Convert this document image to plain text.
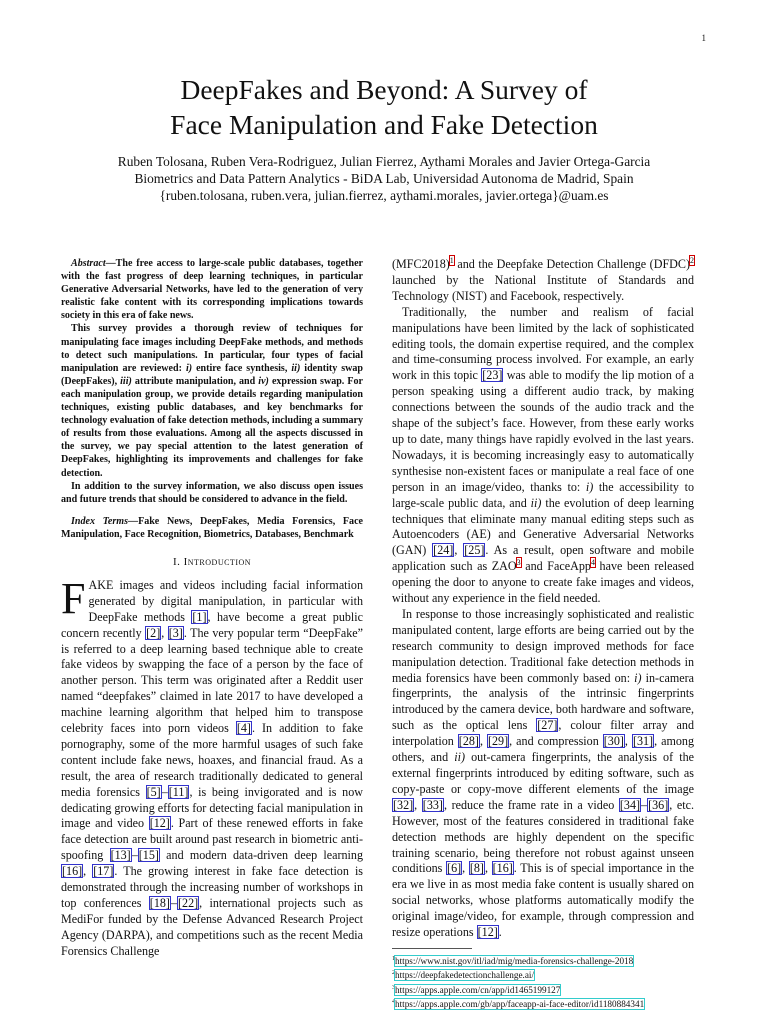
1
DeepFakes and Beyond: A Survey of
Face Manipulation and Fake Detection
Ruben Tolosana, Ruben Vera-Rodriguez, Julian Fierrez, Aythami Morales and Javier Ortega-Garcia
Biometrics and Data Pattern Analytics - BiDA Lab, Universidad Autonoma de Madrid, Spain
{ruben.tolosana, ruben.vera, julian.fierrez, aythami.morales, javier.ortega}@uam.es

Abstract—The free access to large-scale public databases, together with the fast progress of deep learning techniques, in particular Generative Adversarial Networks, have led to the generation of very realistic fake content with its corresponding implications towards society in this era of fake news.

This survey provides a thorough review of techniques for manipulating face images including DeepFake methods, and methods to detect such manipulations. In particular, four types of facial manipulation are reviewed: i) entire face synthesis, ii) identity swap (DeepFakes), iii) attribute manipulation, and iv) expression swap. For each manipulation group, we provide details regarding manipulation techniques, existing public databases, and key benchmarks for technology evaluation of fake detection methods, including a summary of results from those evaluations. Among all the aspects discussed in the survey, we pay special attention to the latest generation of DeepFakes, highlighting its improvements and challenges for fake detection.

In addition to the survey information, we also discuss open issues and future trends that should be considered to advance in the field.

Index Terms—Fake News, DeepFakes, Media Forensics, Face Manipulation, Face Recognition, Biometrics, Databases, Benchmark

I. Introduction

FAKE images and videos including facial information generated by digital manipulation, in particular with DeepFake methods [1], have become a great public concern recently [2], [3]. The very popular term “DeepFake” is referred to a deep learning based technique able to create fake videos by swapping the face of a person by the face of another person. This term was originated after a Reddit user named “deepfakes” claimed in late 2017 to have developed a machine learning algorithm that helped him to transpose celebrity faces into porn videos [4]. In addition to fake pornography, some of the more harmful usages of such fake content include fake news, hoaxes, and financial fraud. As a result, the area of research traditionally dedicated to general media forensics [5]–[11], is being invigorated and is now dedicating growing efforts for detecting facial manipulation in image and video [12]. Part of these renewed efforts in fake face detection are built around past research in biometric anti-spoofing [13]–[15] and modern data-driven deep learning [16], [17]. The growing interest in fake face detection is demonstrated through the increasing number of workshops in top conferences [18]–[22], international projects such as MediFor funded by the Defense Advanced Research Project Agency (DARPA), and competitions such as the recent Media Forensics Challenge

(MFC2018)$^1$ and the Deepfake Detection Challenge (DFDC)$^2$ launched by the National Institute of Standards and Technology (NIST) and Facebook, respectively.

Traditionally, the number and realism of facial manipulations have been limited by the lack of sophisticated editing tools, the domain expertise required, and the complex and time-consuming process involved. For example, an early work in this topic [23] was able to modify the lip motion of a person speaking using a different audio track, by making connections between the sounds of the audio track and the shape of the subject’s face. However, from these early works up to date, many things have rapidly evolved in the last years. Nowadays, it is becoming increasingly easy to automatically synthesise non-existent faces or manipulate a real face of one person in an image/video, thanks to: i) the accessibility to large-scale public data, and ii) the evolution of deep learning techniques that eliminate many manual editing steps such as Autoencoders (AE) and Generative Adversarial Networks (GAN) [24], [25]. As a result, open software and mobile application such as ZAO$^3$ and FaceApp$^4$ have been released opening the door to anyone to create fake images and videos, without any experience in the field needed.

In response to those increasingly sophisticated and realistic manipulated content, large efforts are being carried out by the research community to design improved methods for face manipulation detection. Traditional fake detection methods in media forensics have been commonly based on: i) in-camera fingerprints, the analysis of the intrinsic fingerprints introduced by the camera device, both hardware and software, such as the optical lens [27], colour filter array and interpolation [28], [29], and compression [30], [31], among others, and ii) out-camera fingerprints, the analysis of the external fingerprints introduced by editing software, such as copy-paste or copy-move different elements of the image [32], [33], reduce the frame rate in a video [34]–[36], etc. However, most of the features considered in traditional fake detection methods are highly dependent on the specific training scenario, being therefore not robust against unseen conditions [6], [8], [16]. This is of special importance in the era we live in as most media fake content is usually shared on social networks, whose platforms automatically modify the original image/video, for example, through compression and resize operations [12].

$^1$https://www.nist.gov/itl/iad/mig/media-forensics-challenge-2018
$^2$https://deepfakedetectionchallenge.ai/
$^3$https://apps.apple.com/cn/app/id1465199127
$^4$https://apps.apple.com/gb/app/faceapp-ai-face-editor/id1180884341
